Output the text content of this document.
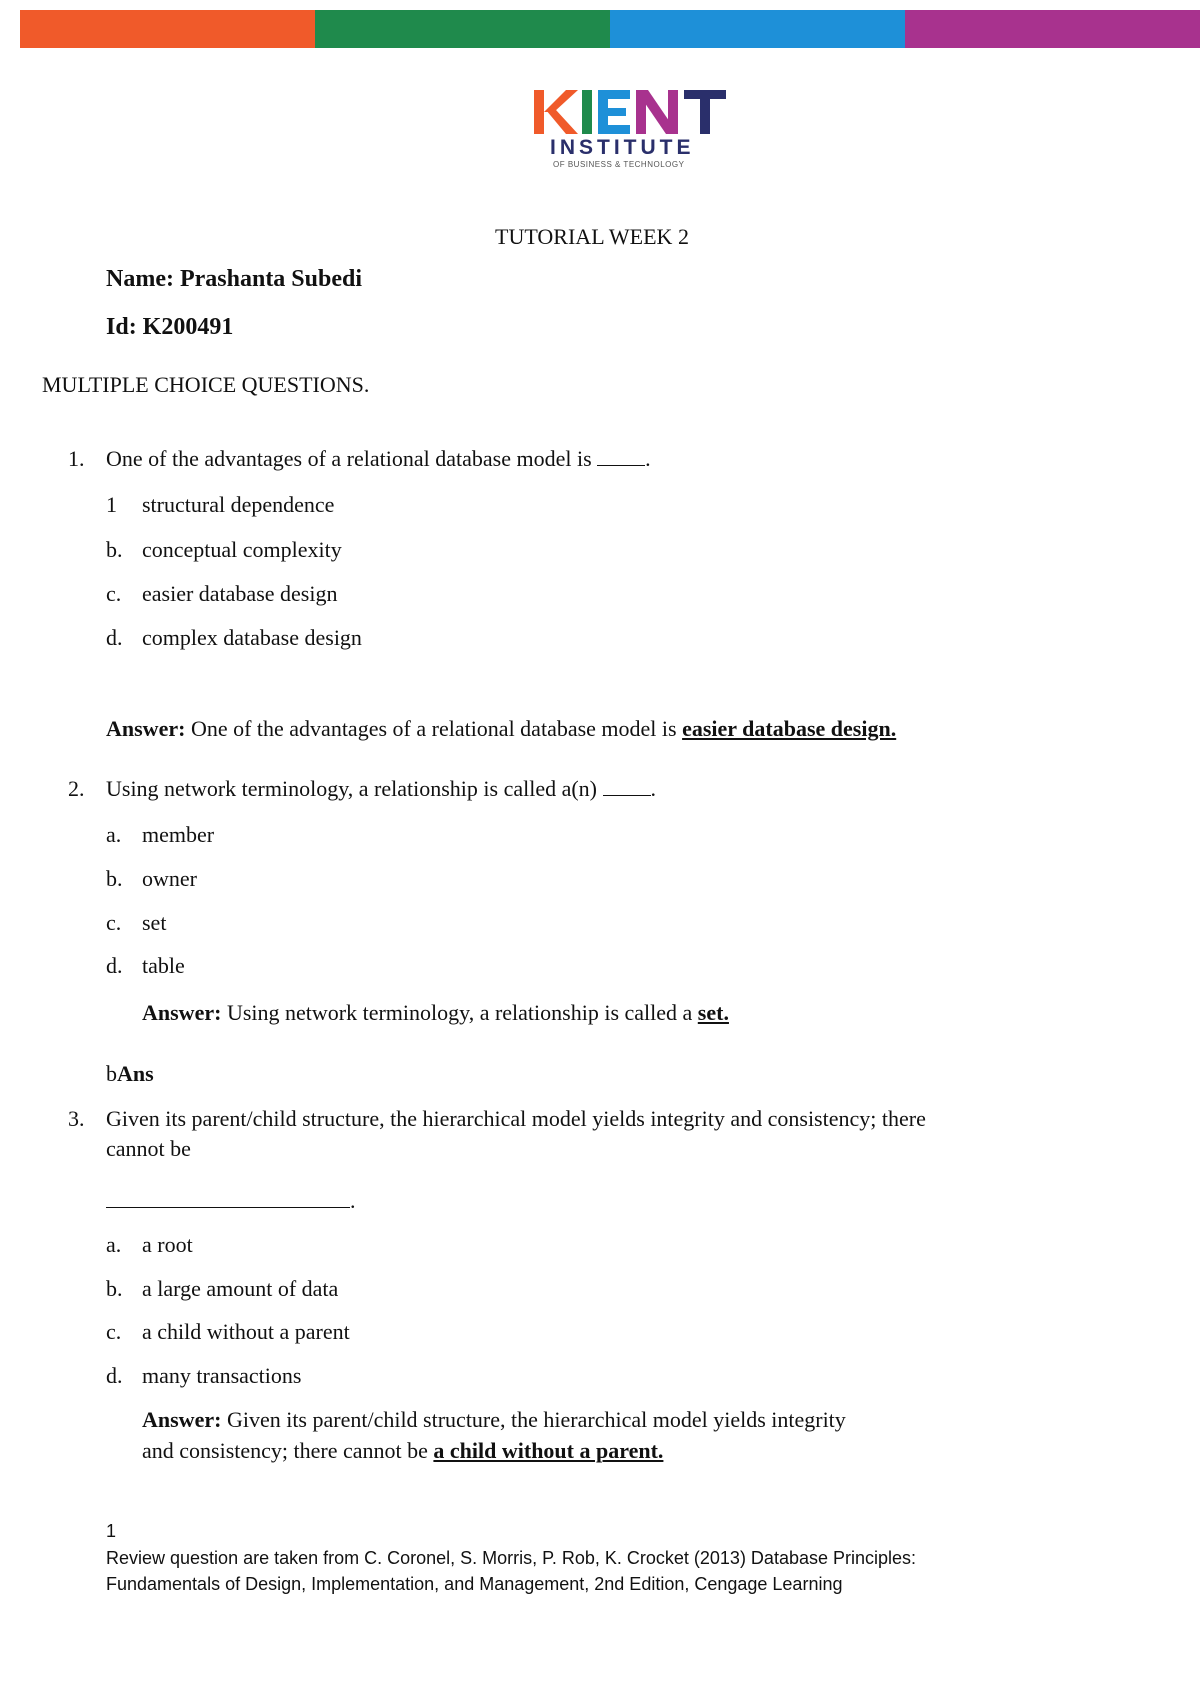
INSTITUTE
OF BUSINESS & TECHNOLOGY
TUTORIAL WEEK 2
Name: Prashanta Subedi
Id: K200491
MULTIPLE CHOICE QUESTIONS.
1. One of the advantages of a relational database model is .
1 structural dependence
b. conceptual complexity
c. easier database design
d. complex database design
Answer: One of the advantages of a relational database model is easier database design.
2. Using network terminology, a relationship is called a(n) .
a. member
b. owner
c. set
d. table
Answer: Using network terminology, a relationship is called a set.
bAns
3. Given its parent/child structure, the hierarchical model yields integrity and consistency; there
cannot be
.
a. a root
b. a large amount of data
c. a child without a parent
d. many transactions
Answer: Given its parent/child structure, the hierarchical model yields integrity
and consistency; there cannot be a child without a parent.
1
Review question are taken from C. Coronel, S. Morris, P. Rob, K. Crocket (2013) Database Principles:
Fundamentals of Design, Implementation, and Management, 2nd Edition, Cengage Learning
